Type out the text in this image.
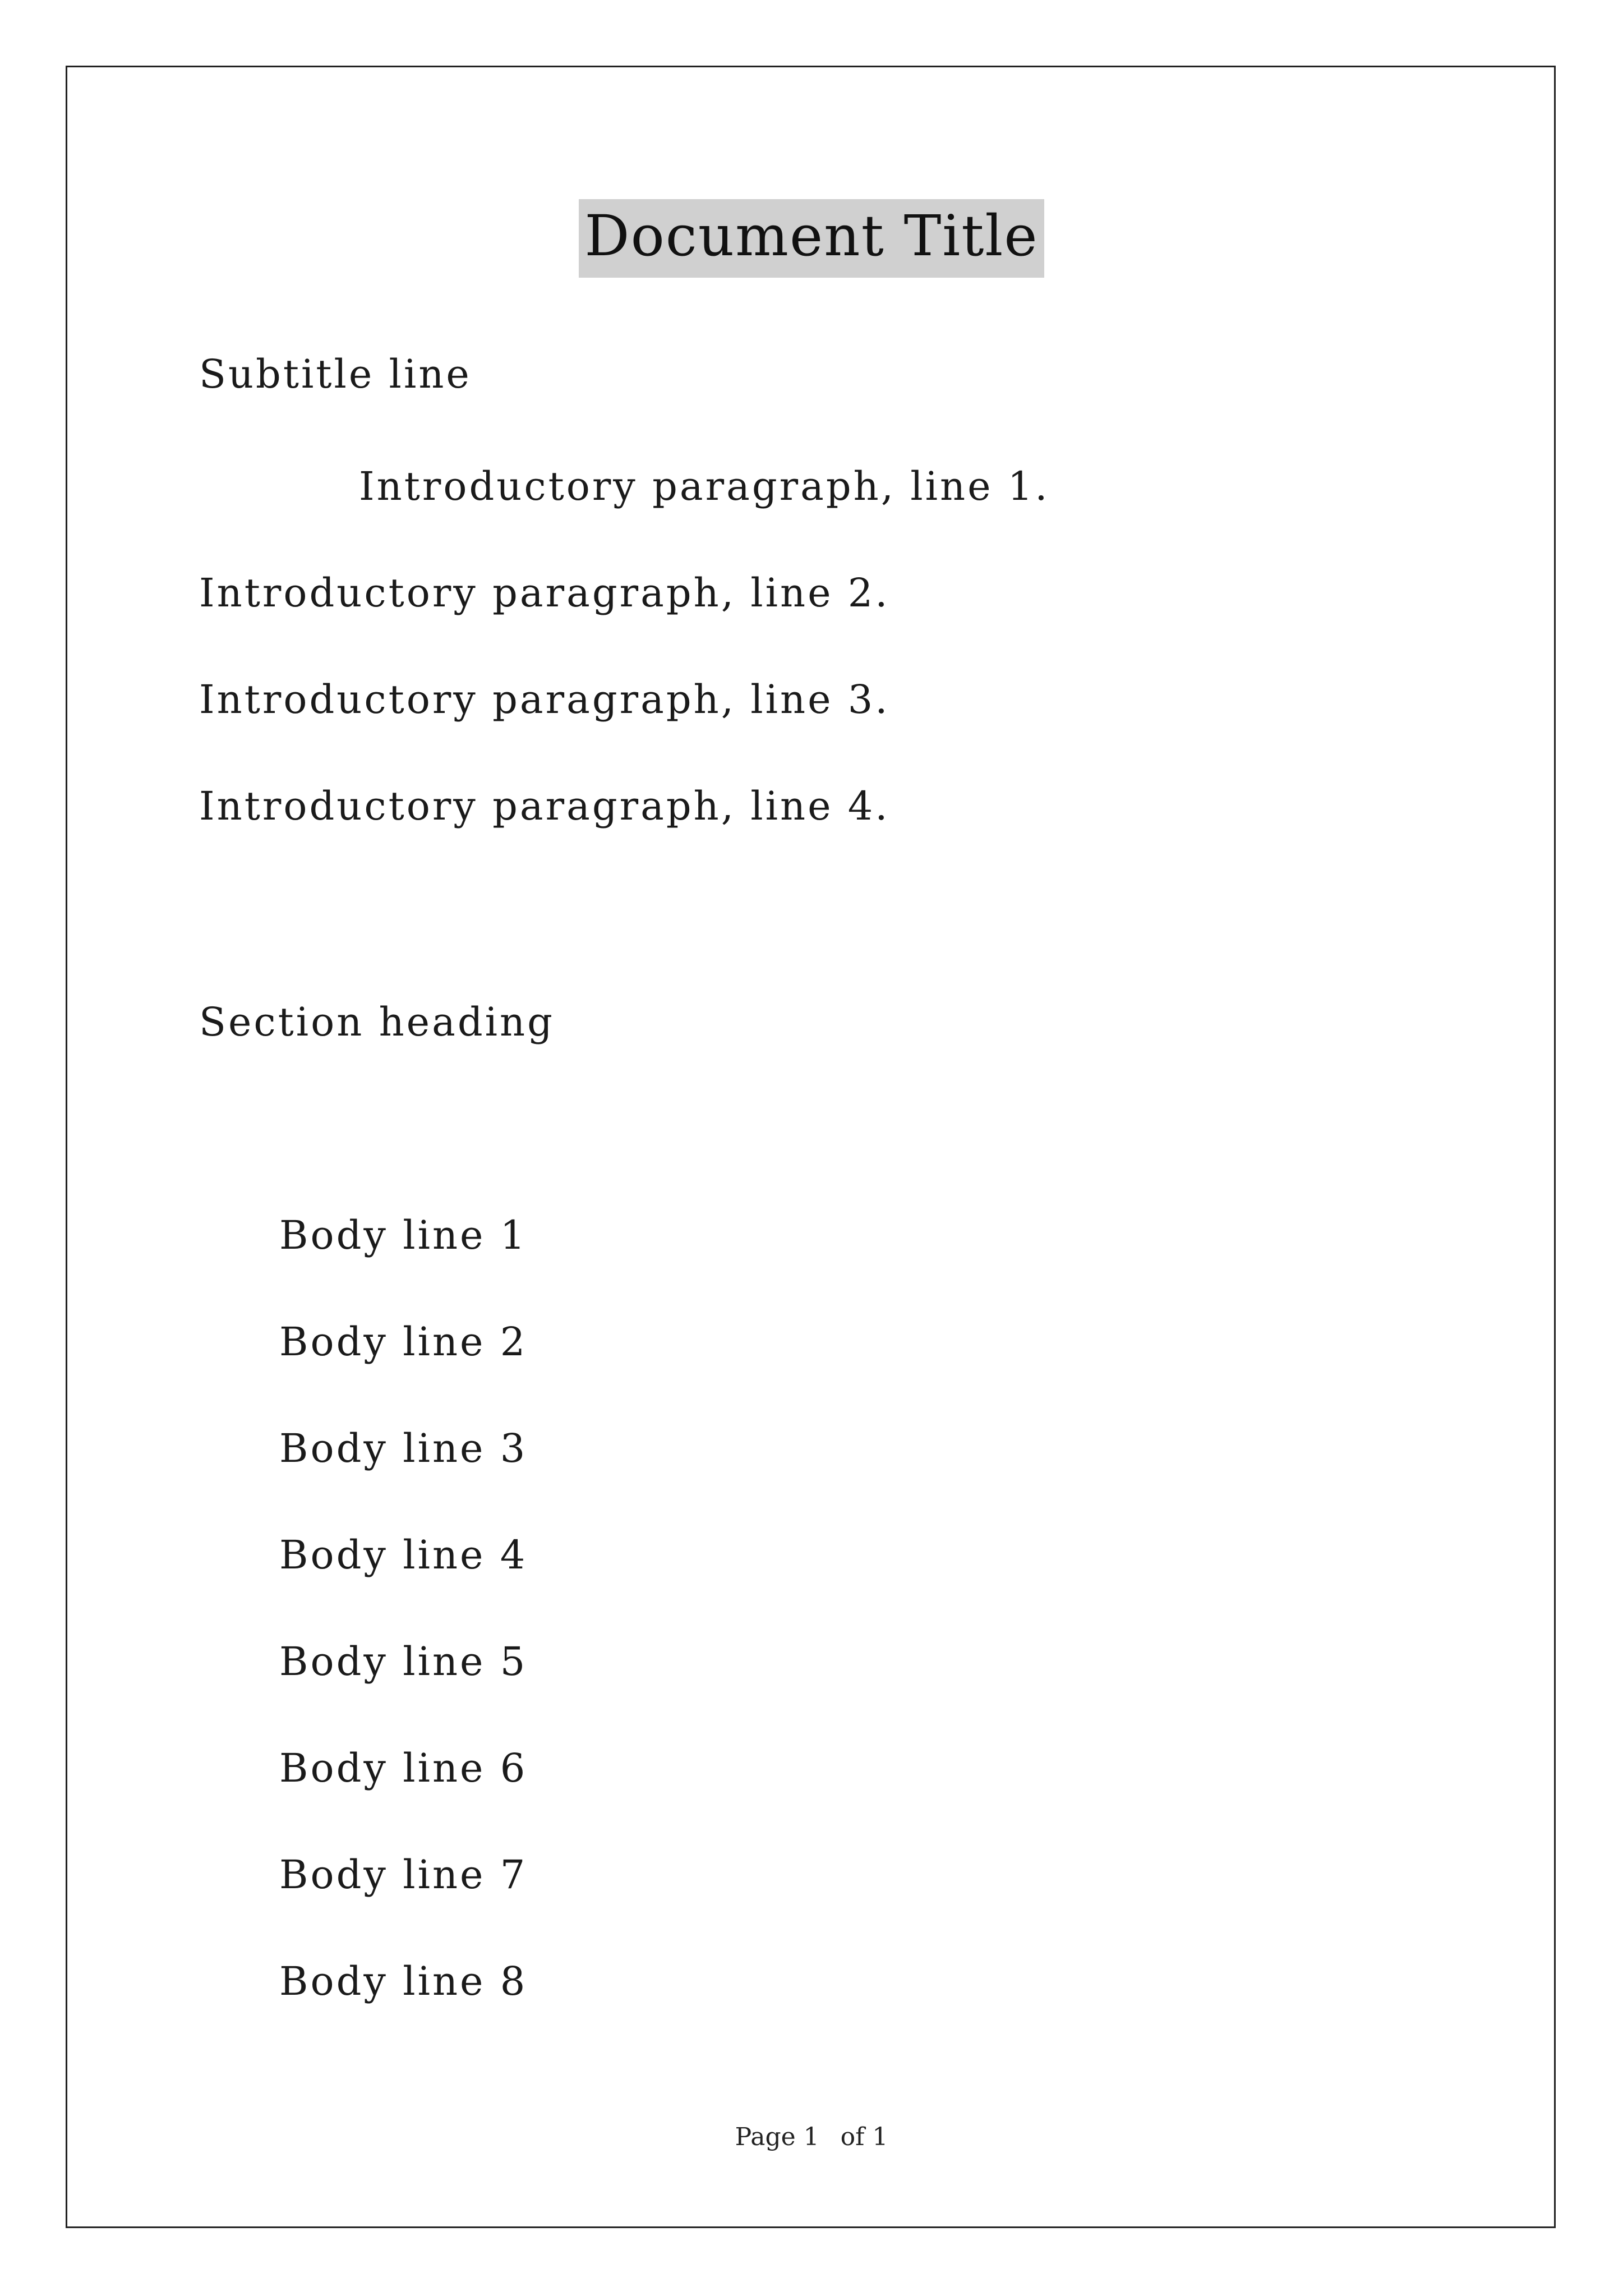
Document Title
Subtitle line
Introductory paragraph, line 1.
Introductory paragraph, line 2.
Introductory paragraph, line 3.
Introductory paragraph, line 4.
Section heading
Body line 1
Body line 2
Body line 3
Body line 4
Body line 5
Body line 6
Body line 7
Body line 8
Page 1 of 1
